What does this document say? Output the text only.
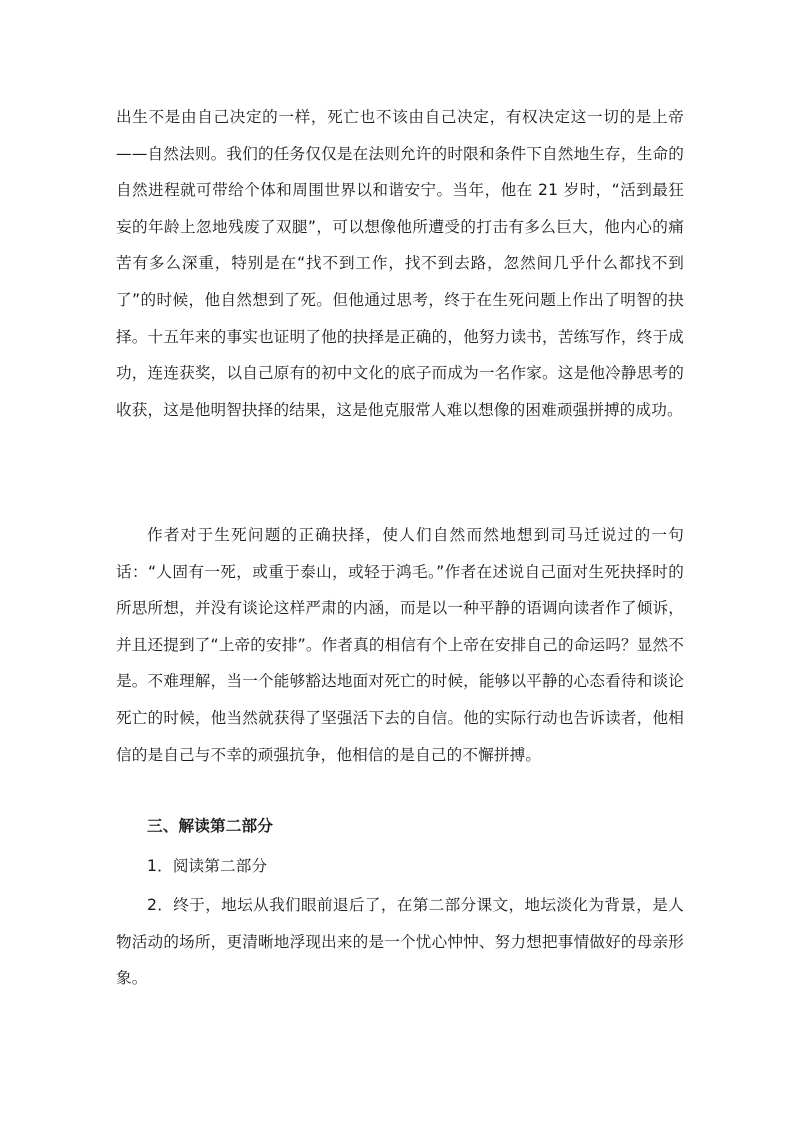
出生不是由自己决定的一样，死亡也不该由自己决定，有权决定这一切的是上帝——自然法则。我们的任务仅仅是在法则允许的时限和条件下自然地生存，生命的自然进程就可带给个体和周围世界以和谐安宁。当年，他在 21 岁时，“活到最狂妄的年龄上忽地残废了双腿”，可以想像他所遭受的打击有多么巨大，他内心的痛苦有多么深重，特别是在“找不到工作，找不到去路，忽然间几乎什么都找不到了”的时候，他自然想到了死。但他通过思考，终于在生死问题上作出了明智的抉择。十五年来的事实也证明了他的抉择是正确的，他努力读书，苦练写作，终于成功，连连获奖，以自己原有的初中文化的底子而成为一名作家。这是他冷静思考的收获，这是他明智抉择的结果，这是他克服常人难以想像的困难顽强拼搏的成功。

作者对于生死问题的正确抉择，使人们自然而然地想到司马迁说过的一句话：“人固有一死，或重于泰山，或轻于鸿毛。”作者在述说自己面对生死抉择时的所思所想，并没有谈论这样严肃的内涵，而是以一种平静的语调向读者作了倾诉，并且还提到了“上帝的安排”。作者真的相信有个上帝在安排自己的命运吗？显然不是。不难理解，当一个能够豁达地面对死亡的时候，能够以平静的心态看待和谈论死亡的时候，他当然就获得了坚强活下去的自信。他的实际行动也告诉读者，他相信的是自己与不幸的顽强抗争，他相信的是自己的不懈拼搏。

三、解读第二部分

1．阅读第二部分

2．终于，地坛从我们眼前退后了，在第二部分课文，地坛淡化为背景，是人物活动的场所，更清晰地浮现出来的是一个忧心忡忡、努力想把事情做好的母亲形象。
